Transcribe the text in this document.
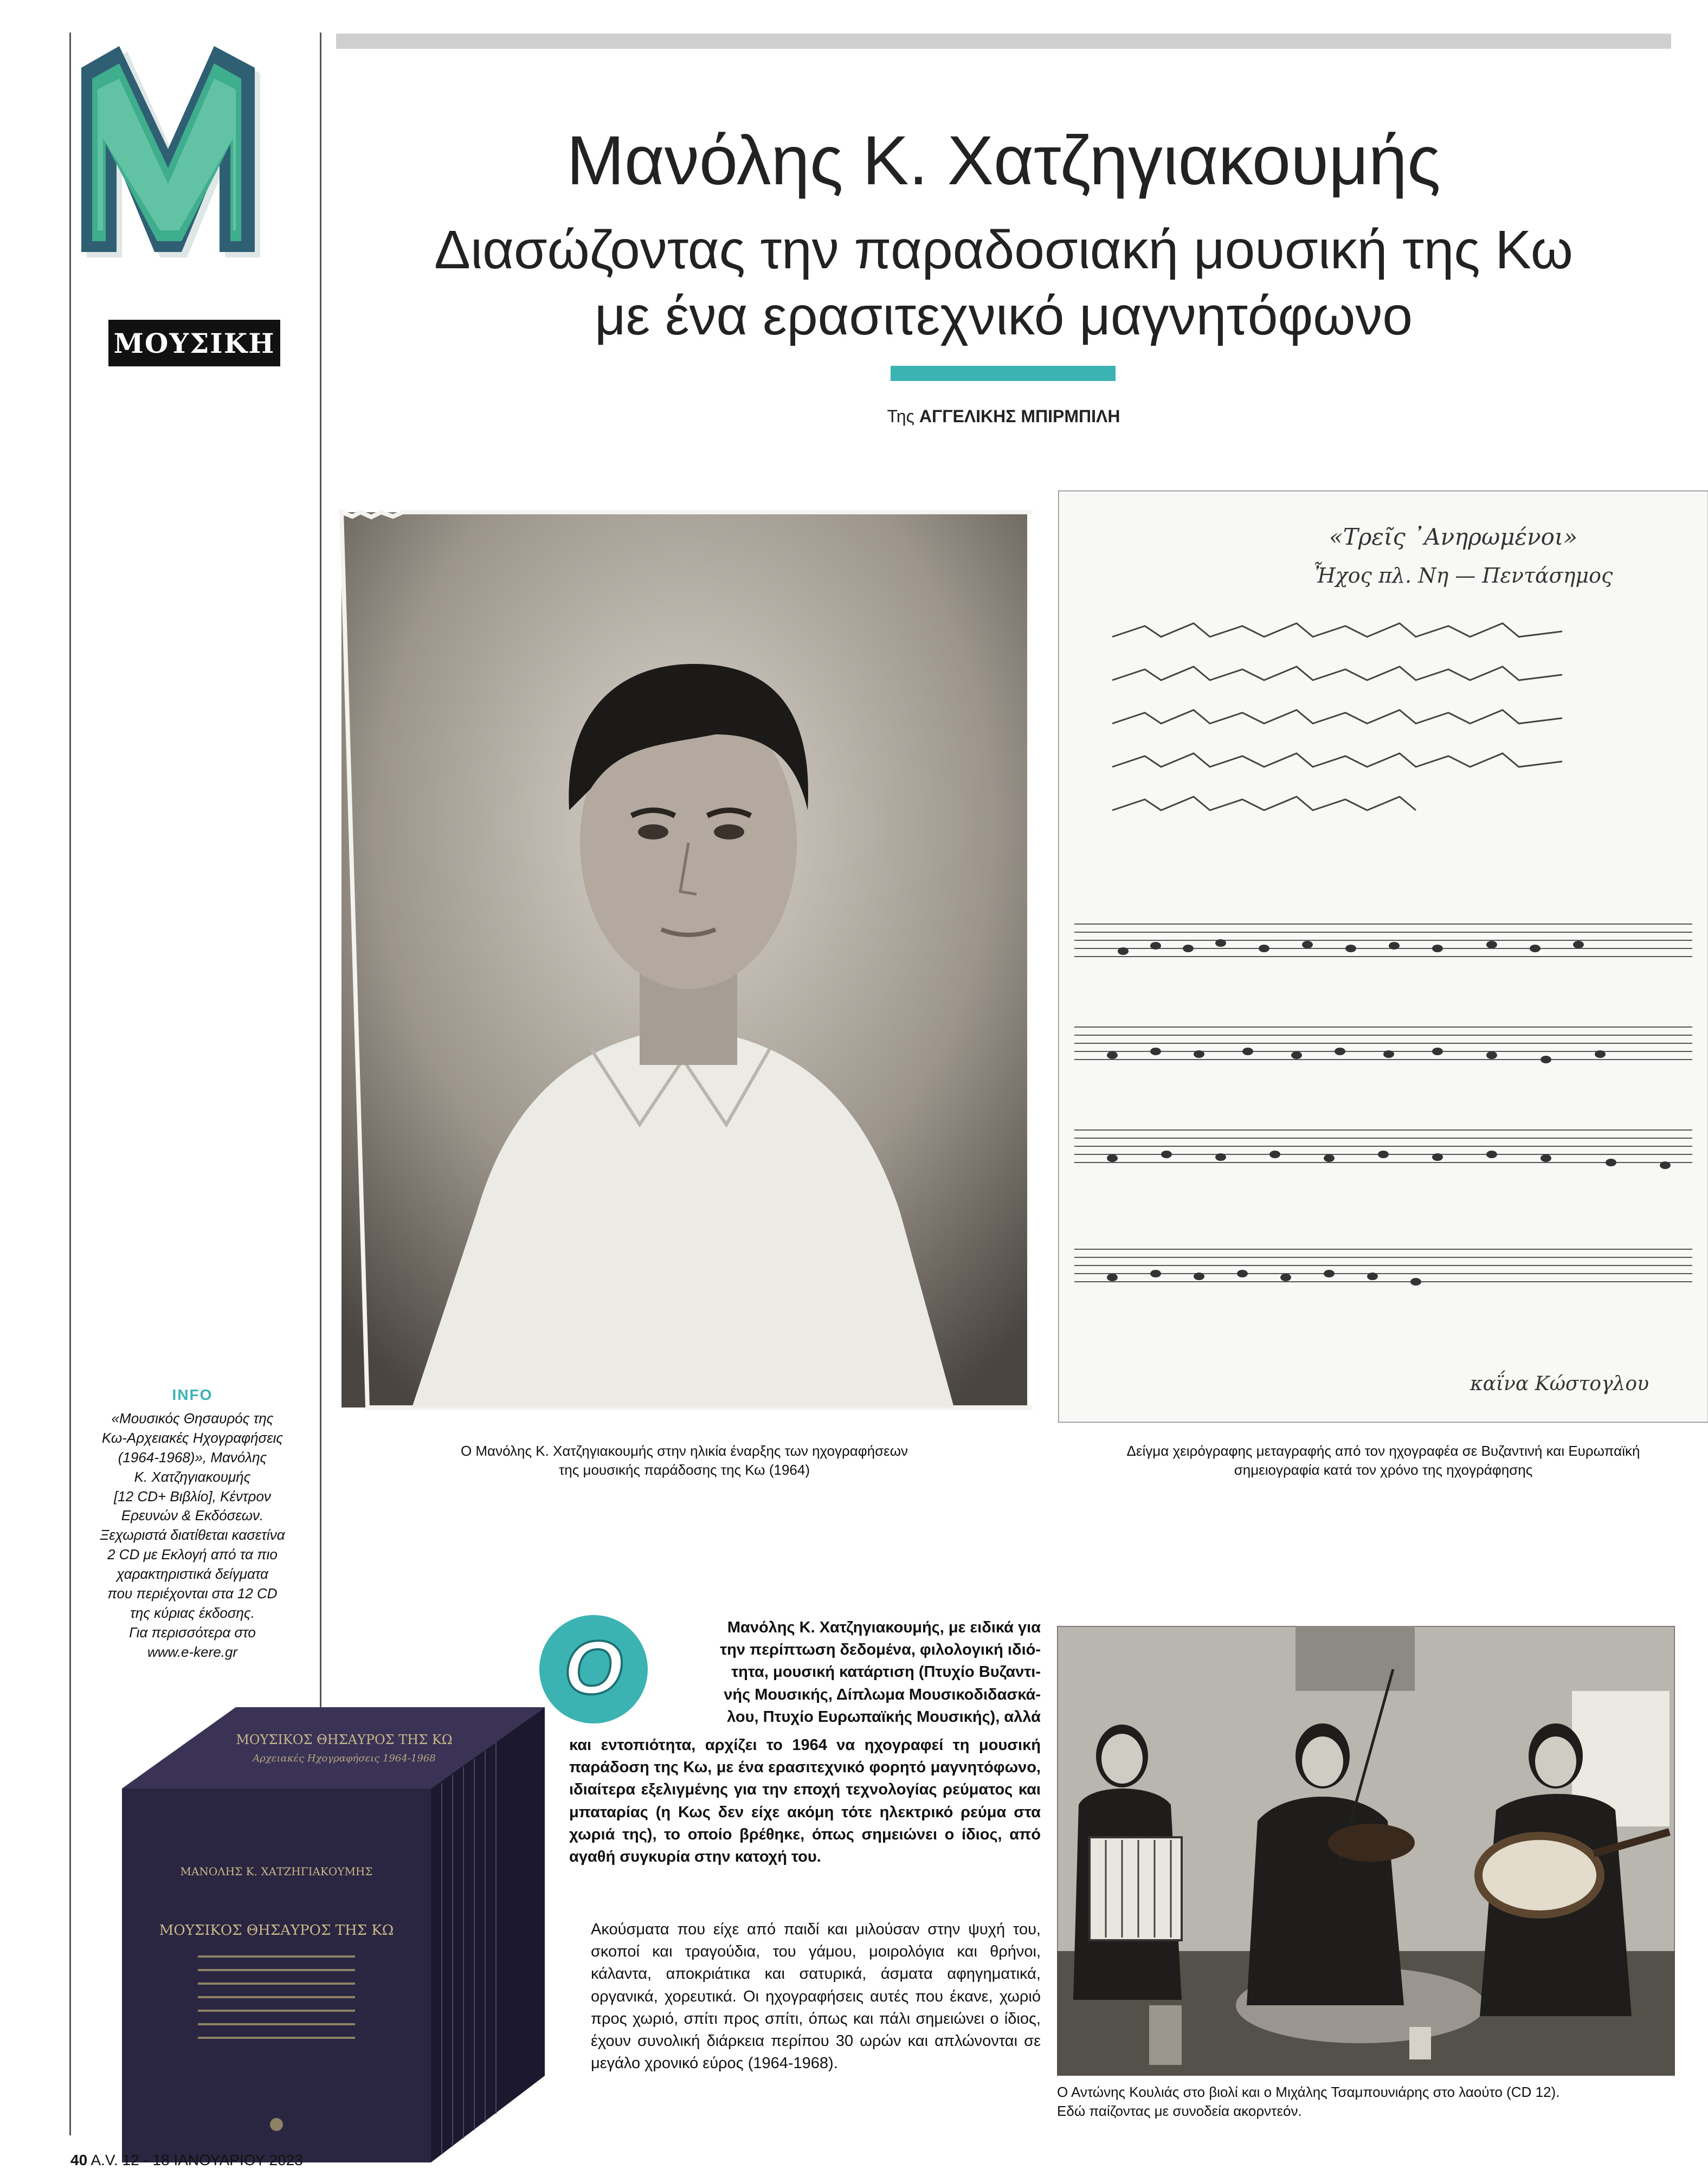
ΜΟΥΣΙΚΗ
Μανόλης Κ. Χατζηγιακουμής
Διασώζοντας την παραδοσιακή μουσική της Κω
με ένα ερασιτεχνικό μαγνητόφωνο
Της ΑΓΓΕΛΙΚΗΣ ΜΠΙΡΜΠΙΛΗ
Ο Μανόλης Κ. Χατζηγιακουμής στην ηλικία έναρξης των ηχογραφήσεων
της μουσικής παράδοσης της Κω (1964)
«Τρεῖς ᾿Ανηρωμένοι»
Ἦχος πλ. Νη — Πεντάσημος
καΐνα Κώστογλου
Δείγμα χειρόγραφης μεταγραφής από τον ηχογραφέα σε Βυζαντινή και Ευρωπαϊκή
σημειογραφία κατά τον χρόνο της ηχογράφησης
INFO
«Μουσικός Θησαυρός της
Κω-Αρχειακές Ηχογραφήσεις
(1964-1968)», Μανόλης
Κ. Χατζηγιακουμής
[12 CD+ Βιβλίο], Κέντρον
Ερευνών & Εκδόσεων.
Ξεχωριστά διατίθεται κασετίνα
2 CD με Εκλογή από τα πιο
χαρακτηριστικά δείγματα
που περιέχονται στα 12 CD
της κύριας έκδοσης.
Για περισσότερα στο
www.e-kere.gr
ΜΟΥΣΙΚΟΣ ΘΗΣΑΥΡΟΣ ΤΗΣ ΚΩ
Αρχειακές Ηχογραφήσεις 1964-1968
ΜΑΝΟΛΗΣ Κ. ΧΑΤΖΗΓΙΑΚΟΥΜΗΣ
ΜΟΥΣΙΚΟΣ ΘΗΣΑΥΡΟΣ ΤΗΣ ΚΩ
Ο	Μανόλης Κ. Χατζηγιακουμής, με ειδικά για
την περίπτωση δεδομένα, φιλολογική ιδιό-
τητα, μουσική κατάρτιση (Πτυχίο Βυζαντι-
νής Μουσικής, Δίπλωμα Μουσικοδιδασκά-
λου, Πτυχίο Ευρωπαϊκής Μουσικής), αλλά
και εντοπιότητα, αρχίζει το 1964 να ηχογραφεί τη μουσική παράδοση της Κω, με ένα ερασιτεχνικό φορητό μαγνητόφωνο, ιδιαίτερα εξελιγμένης για την εποχή τεχνολογίας ρεύματος και μπαταρίας (η Κως δεν είχε ακόμη τότε ηλεκτρικό ρεύμα στα χωριά της), το οποίο βρέθηκε, όπως σημειώνει ο ίδιος, από αγαθή συγκυρία στην κατοχή του.
Ακούσματα που είχε από παιδί και μιλούσαν στην ψυχή του, σκοποί και τραγούδια, του γάμου, μοιρολόγια και θρήνοι, κάλαντα, αποκριάτικα και σατυρικά, άσματα αφηγηματικά, οργανικά, χορευτικά. Οι ηχογραφήσεις αυτές που έκανε, χωριό προς χωριό, σπίτι προς σπίτι, όπως και πάλι σημειώνει ο ίδιος, έχουν συνολική διάρκεια περίπου 30 ωρών και απλώνονται σε μεγάλο χρονικό εύρος (1964-1968).
Ο Αντώνης Κουλιάς στο βιολί και ο Μιχάλης Τσαμπουνιάρης στο λαούτο (CD 12).
Εδώ παίζοντας με συνοδεία ακορντεόν.
40 A.V. 12 - 18 ΙΑΝΟΥΑΡΙΟΥ 2023
